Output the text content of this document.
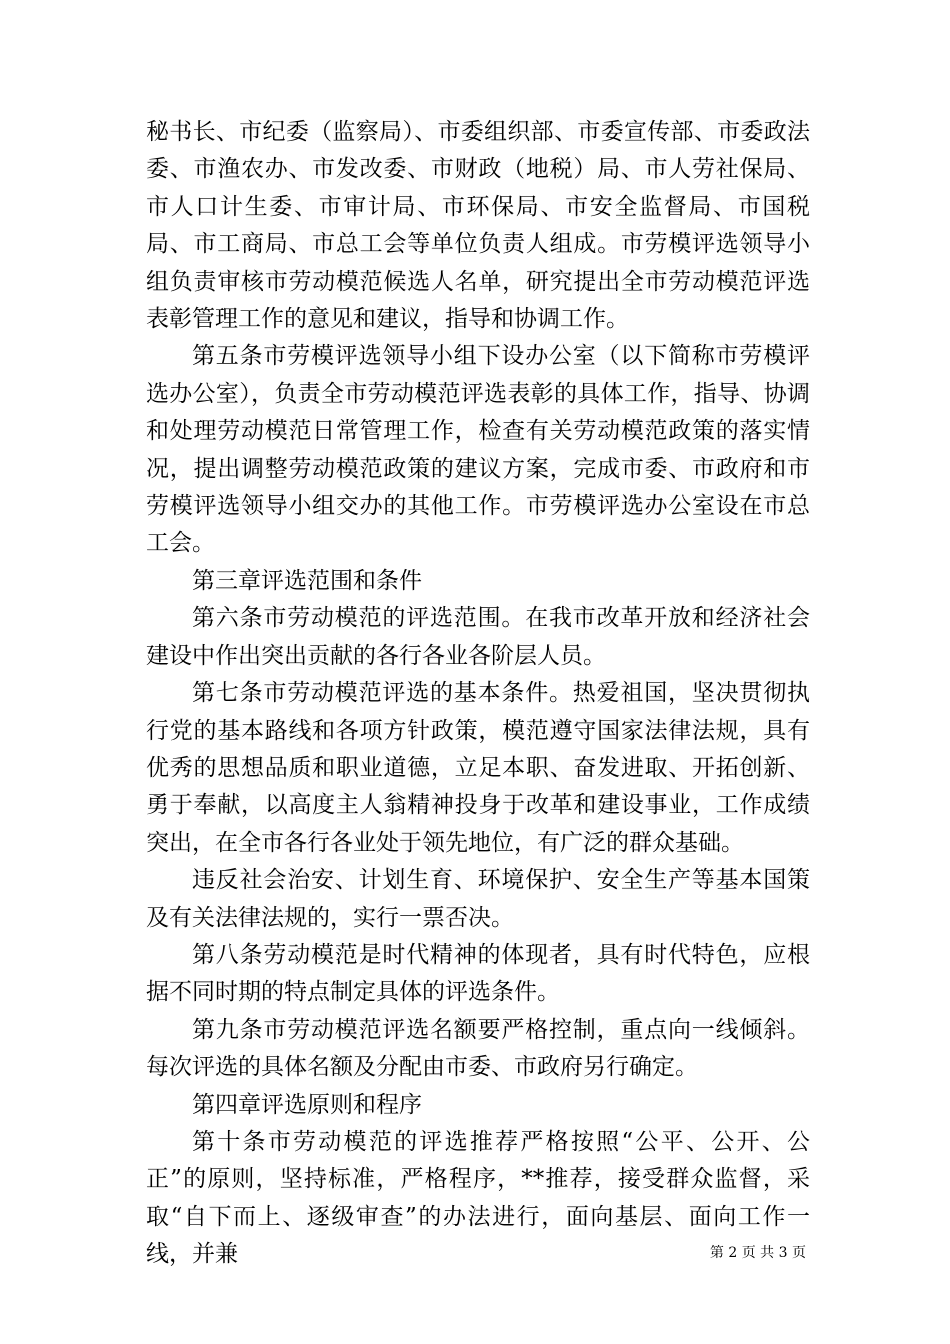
秘书长、市纪委（监察局）、市委组织部、市委宣传部、市委政法委、市渔农办、市发改委、市财政（地税）局、市人劳社保局、市人口计生委、市审计局、市环保局、市安全监督局、市国税局、市工商局、市总工会等单位负责人组成。市劳模评选领导小组负责审核市劳动模范候选人名单，研究提出全市劳动模范评选表彰管理工作的意见和建议，指导和协调工作。

第五条市劳模评选领导小组下设办公室（以下简称市劳模评选办公室），负责全市劳动模范评选表彰的具体工作，指导、协调和处理劳动模范日常管理工作，检查有关劳动模范政策的落实情况，提出调整劳动模范政策的建议方案，完成市委、市政府和市劳模评选领导小组交办的其他工作。市劳模评选办公室设在市总工会。

第三章评选范围和条件

第六条市劳动模范的评选范围。在我市改革开放和经济社会建设中作出突出贡献的各行各业各阶层人员。

第七条市劳动模范评选的基本条件。热爱祖国，坚决贯彻执行党的基本路线和各项方针政策，模范遵守国家法律法规，具有优秀的思想品质和职业道德，立足本职、奋发进取、开拓创新、勇于奉献，以高度主人翁精神投身于改革和建设事业，工作成绩突出，在全市各行各业处于领先地位，有广泛的群众基础。

违反社会治安、计划生育、环境保护、安全生产等基本国策及有关法律法规的，实行一票否决。

第八条劳动模范是时代精神的体现者，具有时代特色，应根据不同时期的特点制定具体的评选条件。

第九条市劳动模范评选名额要严格控制，重点向一线倾斜。每次评选的具体名额及分配由市委、市政府另行确定。

第四章评选原则和程序

第十条市劳动模范的评选推荐严格按照“公平、公开、公正”的原则，坚持标准，严格程序，**推荐，接受群众监督，采取“自下而上、逐级审查”的办法进行，面向基层、面向工作一线，并兼	第 2 页 共 3 页
